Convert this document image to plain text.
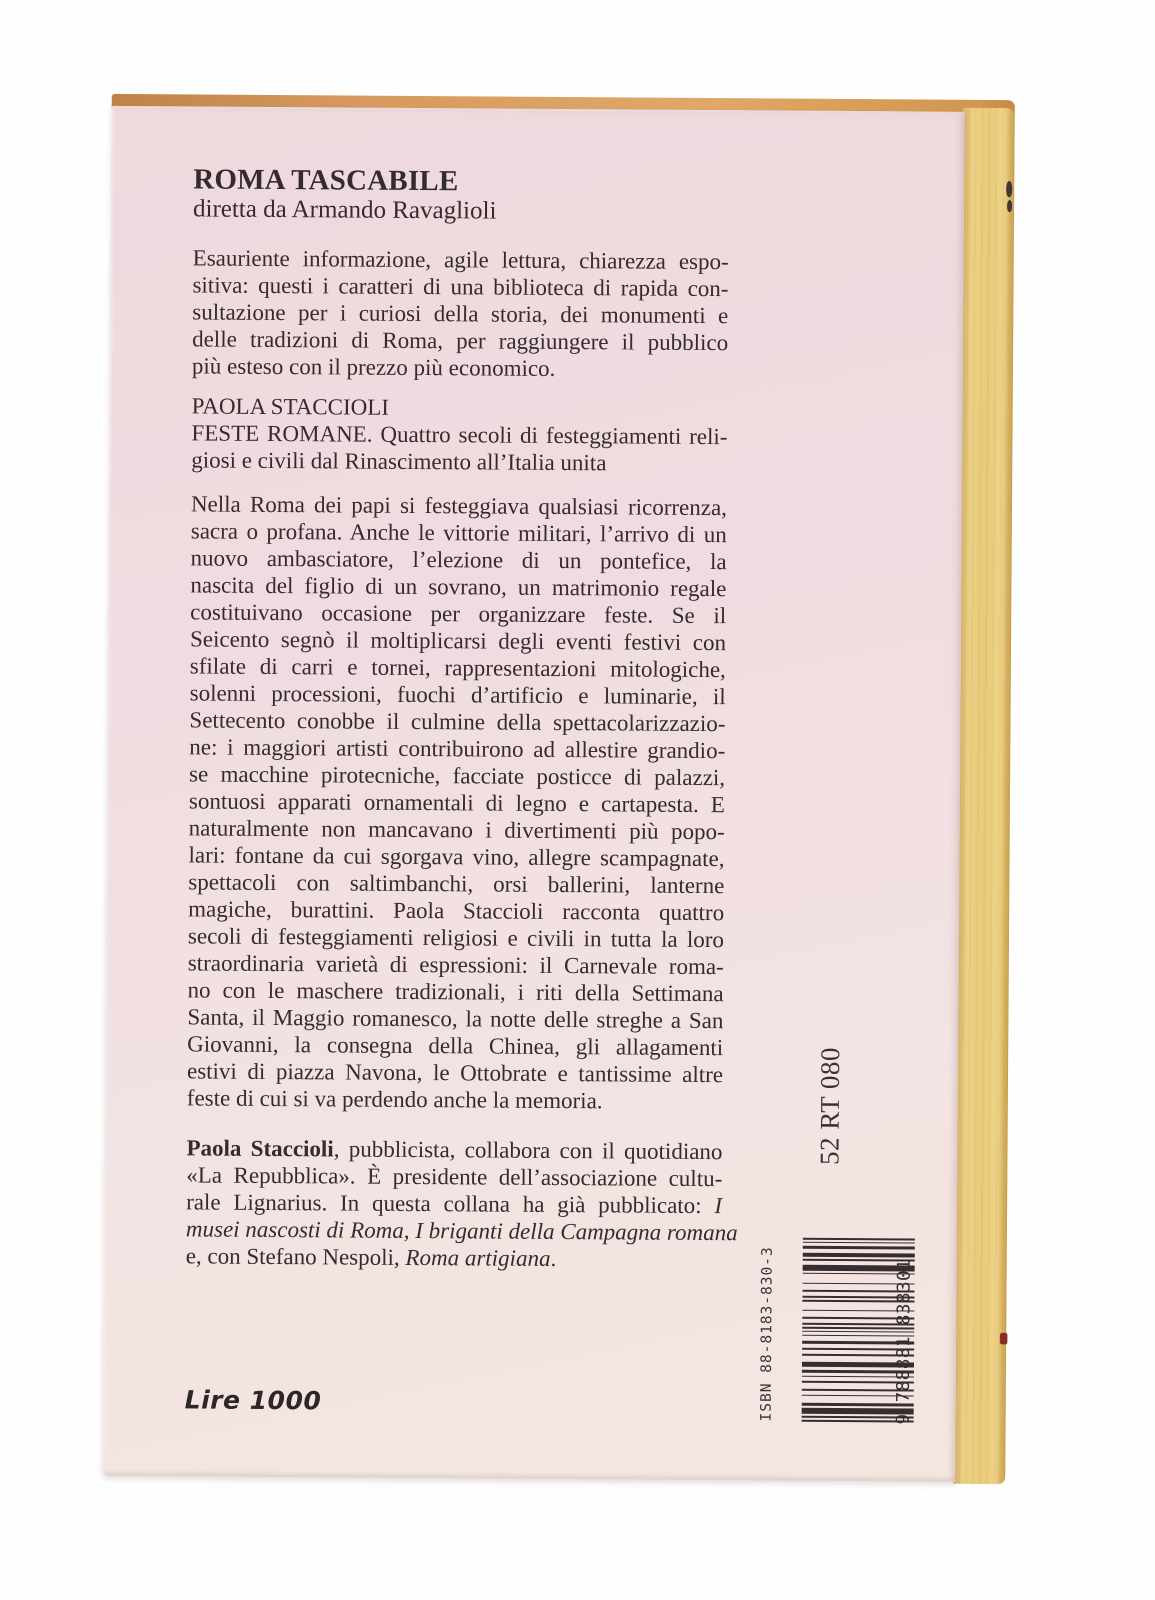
ROMA TASCABILE
diretta da Armando Ravaglioli
Esauriente informazione, agile lettura, chiarezza espo-
sitiva: questi i caratteri di una biblioteca di rapida con-
sultazione per i curiosi della storia, dei monumenti e
delle tradizioni di Roma, per raggiungere il pubblico
più esteso con il prezzo più economico.
PAOLA STACCIOLI
FESTE ROMANE. Quattro secoli di festeggiamenti reli-
giosi e civili dal Rinascimento all’Italia unita
Nella Roma dei papi si festeggiava qualsiasi ricorrenza,
sacra o profana. Anche le vittorie militari, l’arrivo di un
nuovo ambasciatore, l’elezione di un pontefice, la
nascita del figlio di un sovrano, un matrimonio regale
costituivano occasione per organizzare feste. Se il
Seicento segnò il moltiplicarsi degli eventi festivi con
sfilate di carri e tornei, rappresentazioni mitologiche,
solenni processioni, fuochi d’artificio e luminarie, il
Settecento conobbe il culmine della spettacolarizzazio-
ne: i maggiori artisti contribuirono ad allestire grandio-
se macchine pirotecniche, facciate posticce di palazzi,
sontuosi apparati ornamentali di legno e cartapesta. E
naturalmente non mancavano i divertimenti più popo-
lari: fontane da cui sgorgava vino, allegre scampagnate,
spettacoli con saltimbanchi, orsi ballerini, lanterne
magiche, burattini. Paola Staccioli racconta quattro
secoli di festeggiamenti religiosi e civili in tutta la loro
straordinaria varietà di espressioni: il Carnevale roma-
no con le maschere tradizionali, i riti della Settimana
Santa, il Maggio romanesco, la notte delle streghe a San
Giovanni, la consegna della Chinea, gli allagamenti
estivi di piazza Navona, le Ottobrate e tantissime altre
feste di cui si va perdendo anche la memoria.
Paola Staccioli, pubblicista, collabora con il quotidiano
«La Repubblica». È presidente dell’associazione cultu-
rale Lignarius. In questa collana ha già pubblicato: I
musei nascosti di Roma, I briganti della Campagna romana
e, con Stefano Nespoli, Roma artigiana.
Lire 1000
52 RT 080
ISBN 88-8183-830-3	9 788881 838301
